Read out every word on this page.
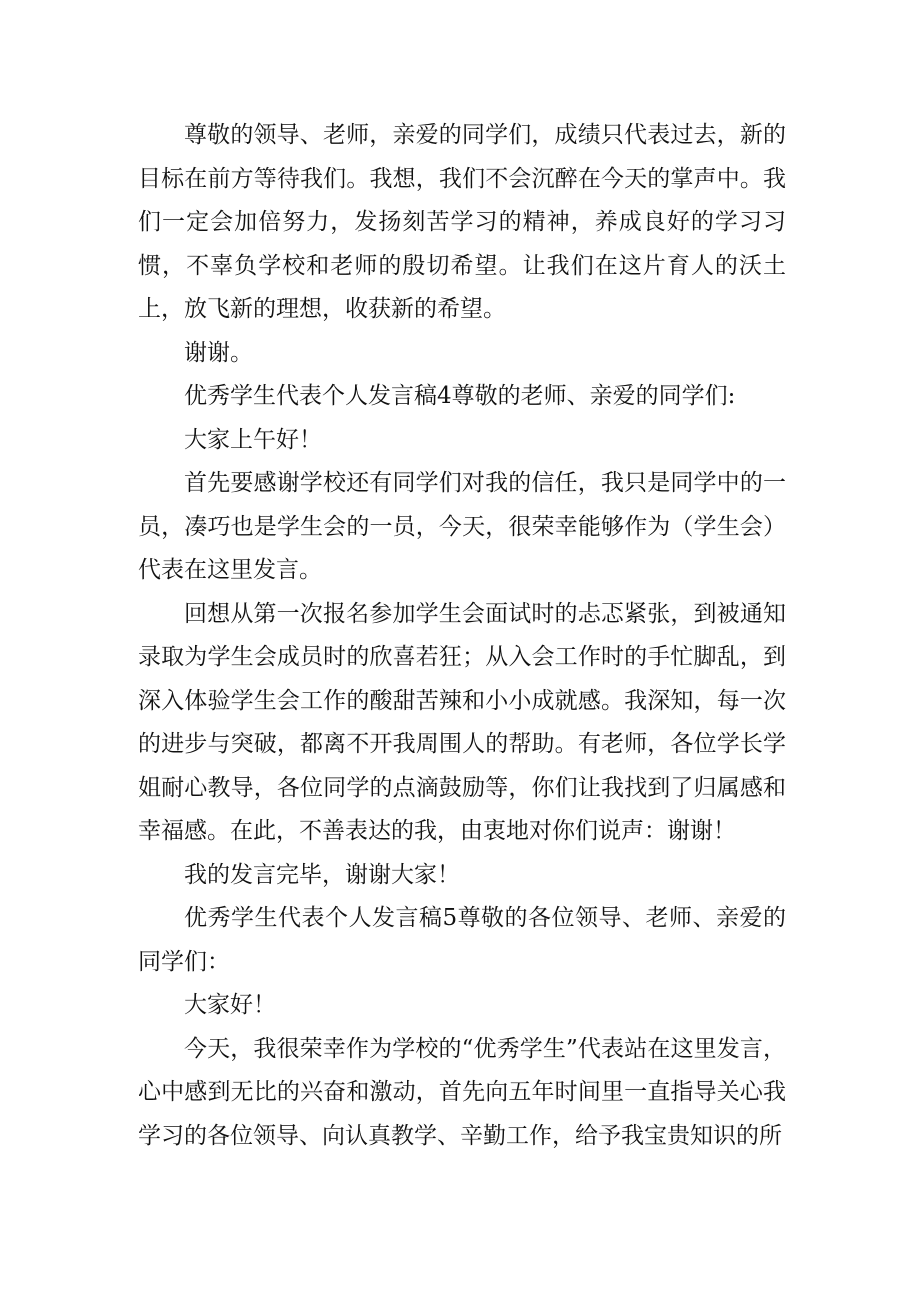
尊敬的领导、老师，亲爱的同学们，成绩只代表过去，新的目标在前方等待我们。我想，我们不会沉醉在今天的掌声中。我们一定会加倍努力，发扬刻苦学习的精神，养成良好的学习习惯，不辜负学校和老师的殷切希望。让我们在这片育人的沃土上，放飞新的理想，收获新的希望。

谢谢。

优秀学生代表个人发言稿4尊敬的老师、亲爱的同学们:

大家上午好！

首先要感谢学校还有同学们对我的信任，我只是同学中的一员，凑巧也是学生会的一员，今天，很荣幸能够作为（学生会）代表在这里发言。

回想从第一次报名参加学生会面试时的忐忑紧张，到被通知录取为学生会成员时的欣喜若狂；从入会工作时的手忙脚乱，到深入体验学生会工作的酸甜苦辣和小小成就感。我深知，每一次的进步与突破，都离不开我周围人的帮助。有老师，各位学长学姐耐心教导，各位同学的点滴鼓励等，你们让我找到了归属感和幸福感。在此，不善表达的我，由衷地对你们说声：谢谢！

我的发言完毕，谢谢大家！

优秀学生代表个人发言稿5尊敬的各位领导、老师、亲爱的同学们：

大家好！

今天，我很荣幸作为学校的“优秀学生”代表站在这里发言，心中感到无比的兴奋和激动，首先向五年时间里一直指导关心我学习的各位领导、向认真教学、辛勤工作，给予我宝贵知识的所
